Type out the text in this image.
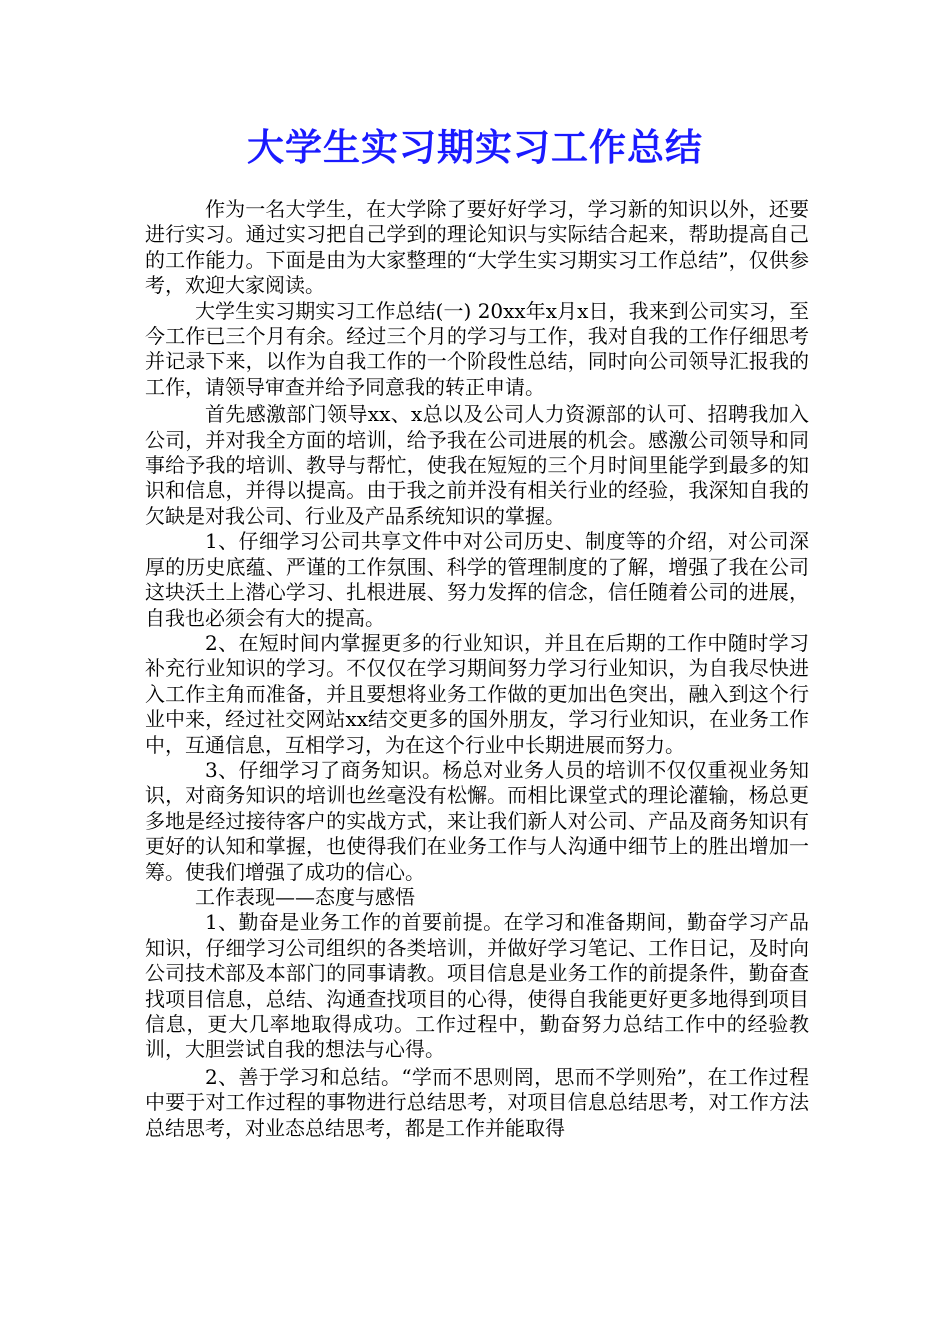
大学生实习期实习工作总结

作为一名大学生，在大学除了要好好学习，学习新的知识以外，还要进行实习。通过实习把自己学到的理论知识与实际结合起来，帮助提高自己的工作能力。下面是由为大家整理的“大学生实习期实习工作总结”，仅供参考，欢迎大家阅读。

大学生实习期实习工作总结(一) 20xx年x月x日，我来到公司实习，至今工作已三个月有余。经过三个月的学习与工作，我对自我的工作仔细思考并记录下来，以作为自我工作的一个阶段性总结，同时向公司领导汇报我的工作，请领导审查并给予同意我的转正申请。

首先感激部门领导xx、x总以及公司人力资源部的认可、招聘我加入公司，并对我全方面的培训，给予我在公司进展的机会。感激公司领导和同事给予我的培训、教导与帮忙，使我在短短的三个月时间里能学到最多的知识和信息，并得以提高。由于我之前并没有相关行业的经验，我深知自我的欠缺是对我公司、行业及产品系统知识的掌握。

1、仔细学习公司共享文件中对公司历史、制度等的介绍，对公司深厚的历史底蕴、严谨的工作氛围、科学的管理制度的了解，增强了我在公司这块沃土上潜心学习、扎根进展、努力发挥的信念，信任随着公司的进展，自我也必须会有大的提高。

2、在短时间内掌握更多的行业知识，并且在后期的工作中随时学习补充行业知识的学习。不仅仅在学习期间努力学习行业知识，为自我尽快进入工作主角而准备，并且要想将业务工作做的更加出色突出，融入到这个行业中来，经过社交网站xx结交更多的国外朋友，学习行业知识，在业务工作中，互通信息，互相学习，为在这个行业中长期进展而努力。

3、仔细学习了商务知识。杨总对业务人员的培训不仅仅重视业务知识，对商务知识的培训也丝毫没有松懈。而相比课堂式的理论灌输，杨总更多地是经过接待客户的实战方式，来让我们新人对公司、产品及商务知识有更好的认知和掌握，也使得我们在业务工作与人沟通中细节上的胜出增加一筹。使我们增强了成功的信心。

工作表现——态度与感悟

1、勤奋是业务工作的首要前提。在学习和准备期间，勤奋学习产品知识，仔细学习公司组织的各类培训，并做好学习笔记、工作日记，及时向公司技术部及本部门的同事请教。项目信息是业务工作的前提条件，勤奋查找项目信息，总结、沟通查找项目的心得，使得自我能更好更多地得到项目信息，更大几率地取得成功。工作过程中，勤奋努力总结工作中的经验教训，大胆尝试自我的想法与心得。

2、善于学习和总结。“学而不思则罔，思而不学则殆”，在工作过程中要于对工作过程的事物进行总结思考，对项目信息总结思考，对工作方法总结思考，对业态总结思考，都是工作并能取得
